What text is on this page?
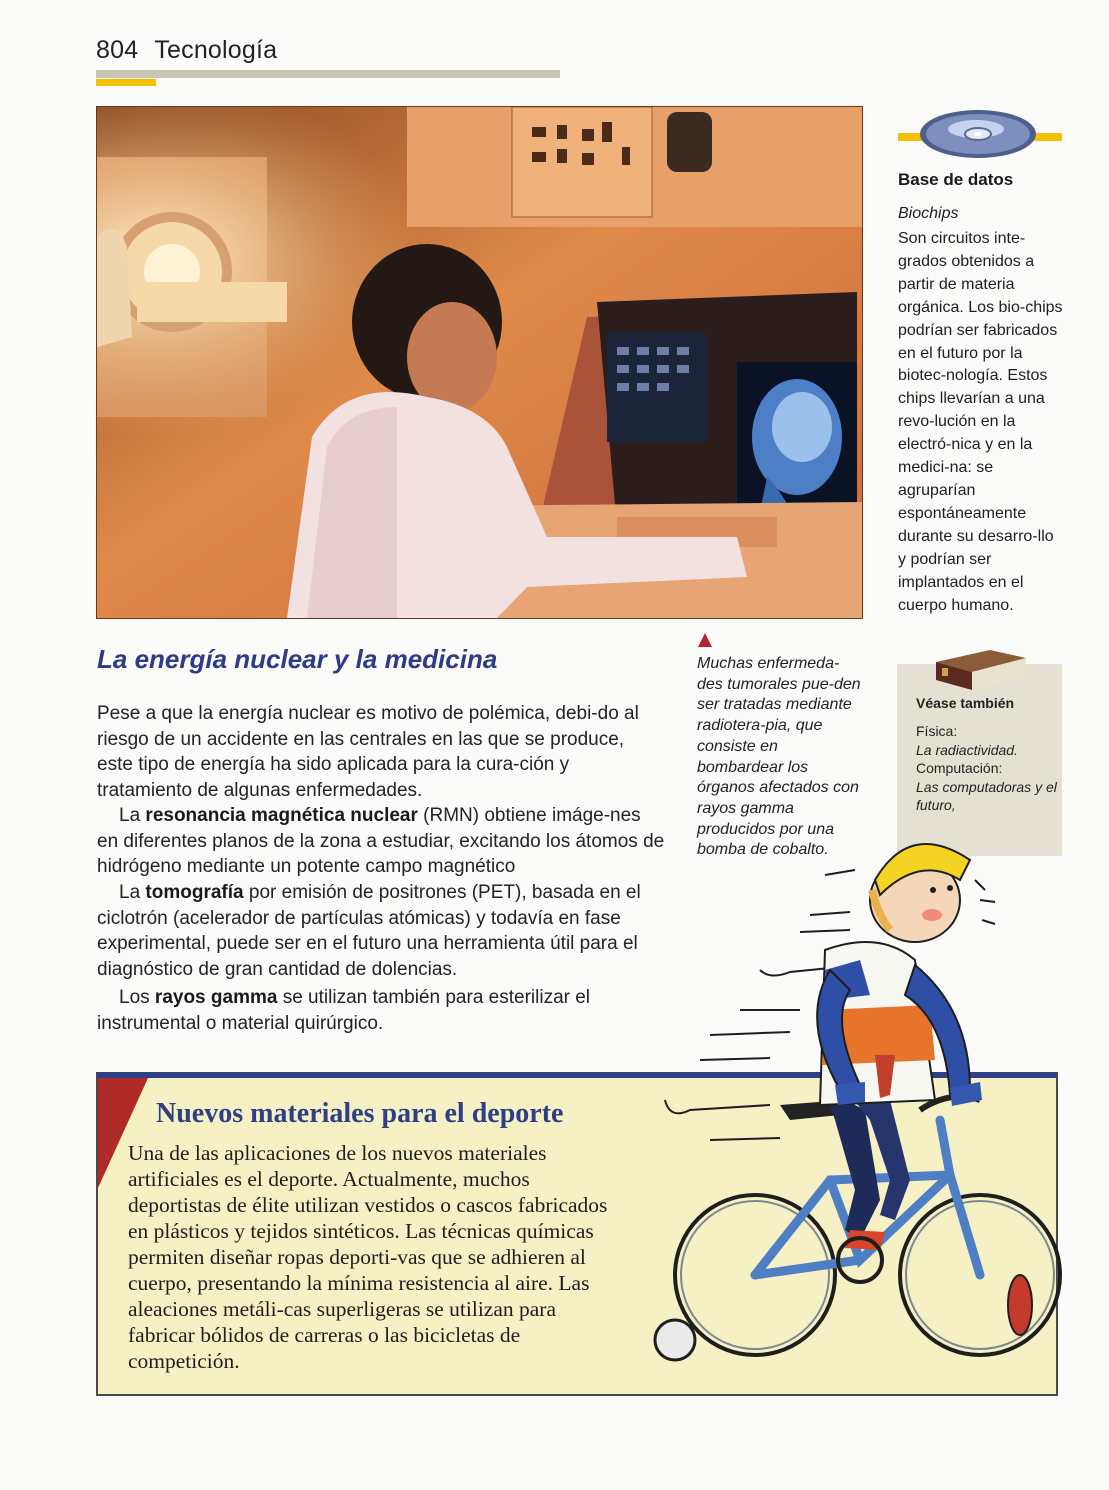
804 Tecnología
Base de datos
Biochips
Son circuitos inte-grados obtenidos a partir de materia orgánica. Los bio-chips podrían ser fabricados en el futuro por la biotec-nología. Estos chips llevarían a una revo-lución en la electró-nica y en la medici-na: se agruparían espontáneamente durante su desarro-llo y podrían ser implantados en el cuerpo humano.
Muchas enfermeda-des tumorales pue-den ser tratadas mediante radiotera-pia, que consiste en bombardear los órganos afectados con rayos gamma producidos por una bomba de cobalto.
Véase también
Física:
La radiactividad.
Computación:
Las computadoras y el futuro,
La energía nuclear y la medicina
Pese a que la energía nuclear es motivo de polémica, debi-do al riesgo de un accidente en las centrales en las que se produce, este tipo de energía ha sido aplicada para la cura-ción y tratamiento de algunas enfermedades.
La resonancia magnética nuclear (RMN) obtiene imáge-nes en diferentes planos de la zona a estudiar, excitando los átomos de hidrógeno mediante un potente campo magnético
La tomografía por emisión de positrones (PET), basada en el ciclotrón (acelerador de partículas atómicas) y todavía en fase experimental, puede ser en el futuro una herramienta útil para el diagnóstico de gran cantidad de dolencias.
Los rayos gamma se utilizan también para esterilizar el instrumental o material quirúrgico.
Nuevos materiales para el deporte
Una de las aplicaciones de los nuevos materiales artificiales es el deporte. Actualmente, muchos deportistas de élite utilizan vestidos o cascos fabricados en plásticos y tejidos sintéticos. Las técnicas químicas permiten diseñar ropas deporti-vas que se adhieren al cuerpo, presentando la mínima resistencia al aire. Las aleaciones metáli-cas superligeras se utilizan para fabricar bólidos de carreras o las bicicletas de competición.
